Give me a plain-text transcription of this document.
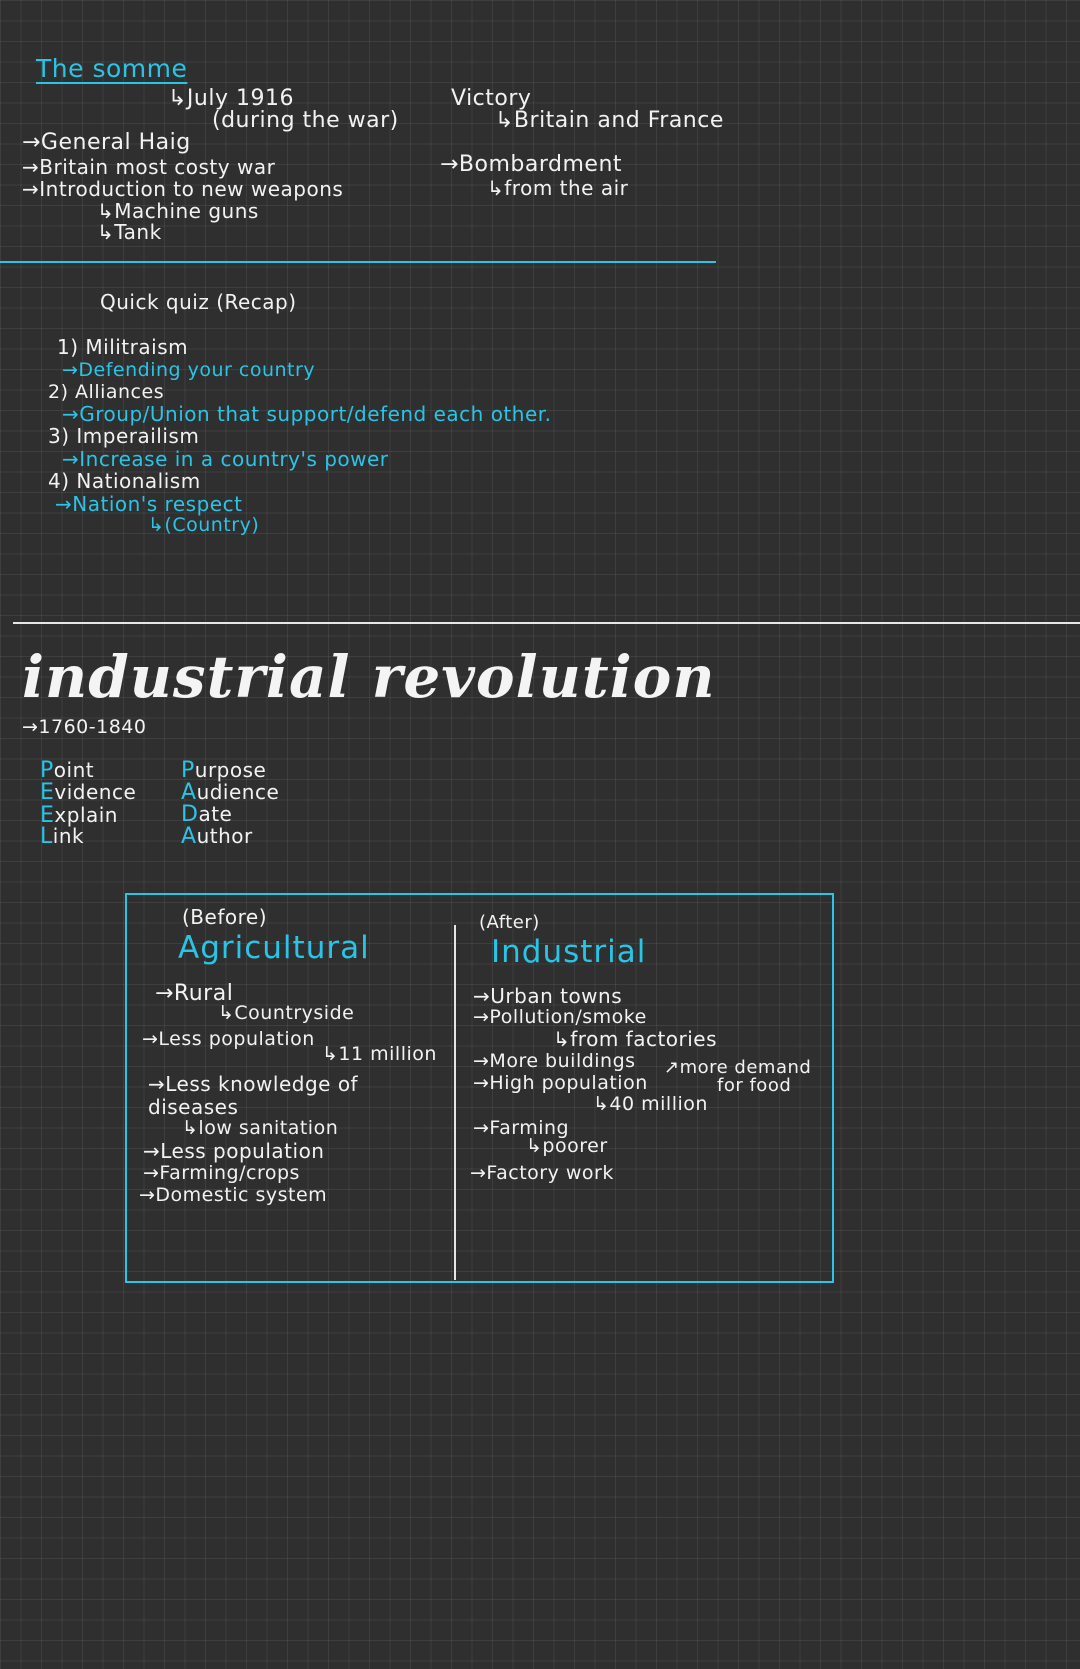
The somme
↳July 1916
(during the war)
Victory
↳Britain and France
→General Haig
→Britain most costy war
→Introduction to new weapons
↳Machine guns
↳Tank
→Bombardment
↳from the air
Quick quiz (Recap)
1) Militraism
→Defending your country
2) Alliances
→Group/Union that support/defend each other.
3) Imperailism
→Increase in a country's power
4) Nationalism
→Nation's respect
↳(Country)
industrial revolution
→1760-1840
Point
Evidence
Explain
Link
Purpose
Audience
Date
Author
(Before)
Agricultural
→Rural
↳Countryside
→Less population
↳11 million
→Less knowledge of
diseases
↳low sanitation
→Less population
→Farming/crops
→Domestic system
(After)
Industrial
→Urban towns
→Pollution/smoke
↳from factories
→More buildings
→High population
↗more demand
for food
↳40 million
→Farming
↳poorer
→Factory work
